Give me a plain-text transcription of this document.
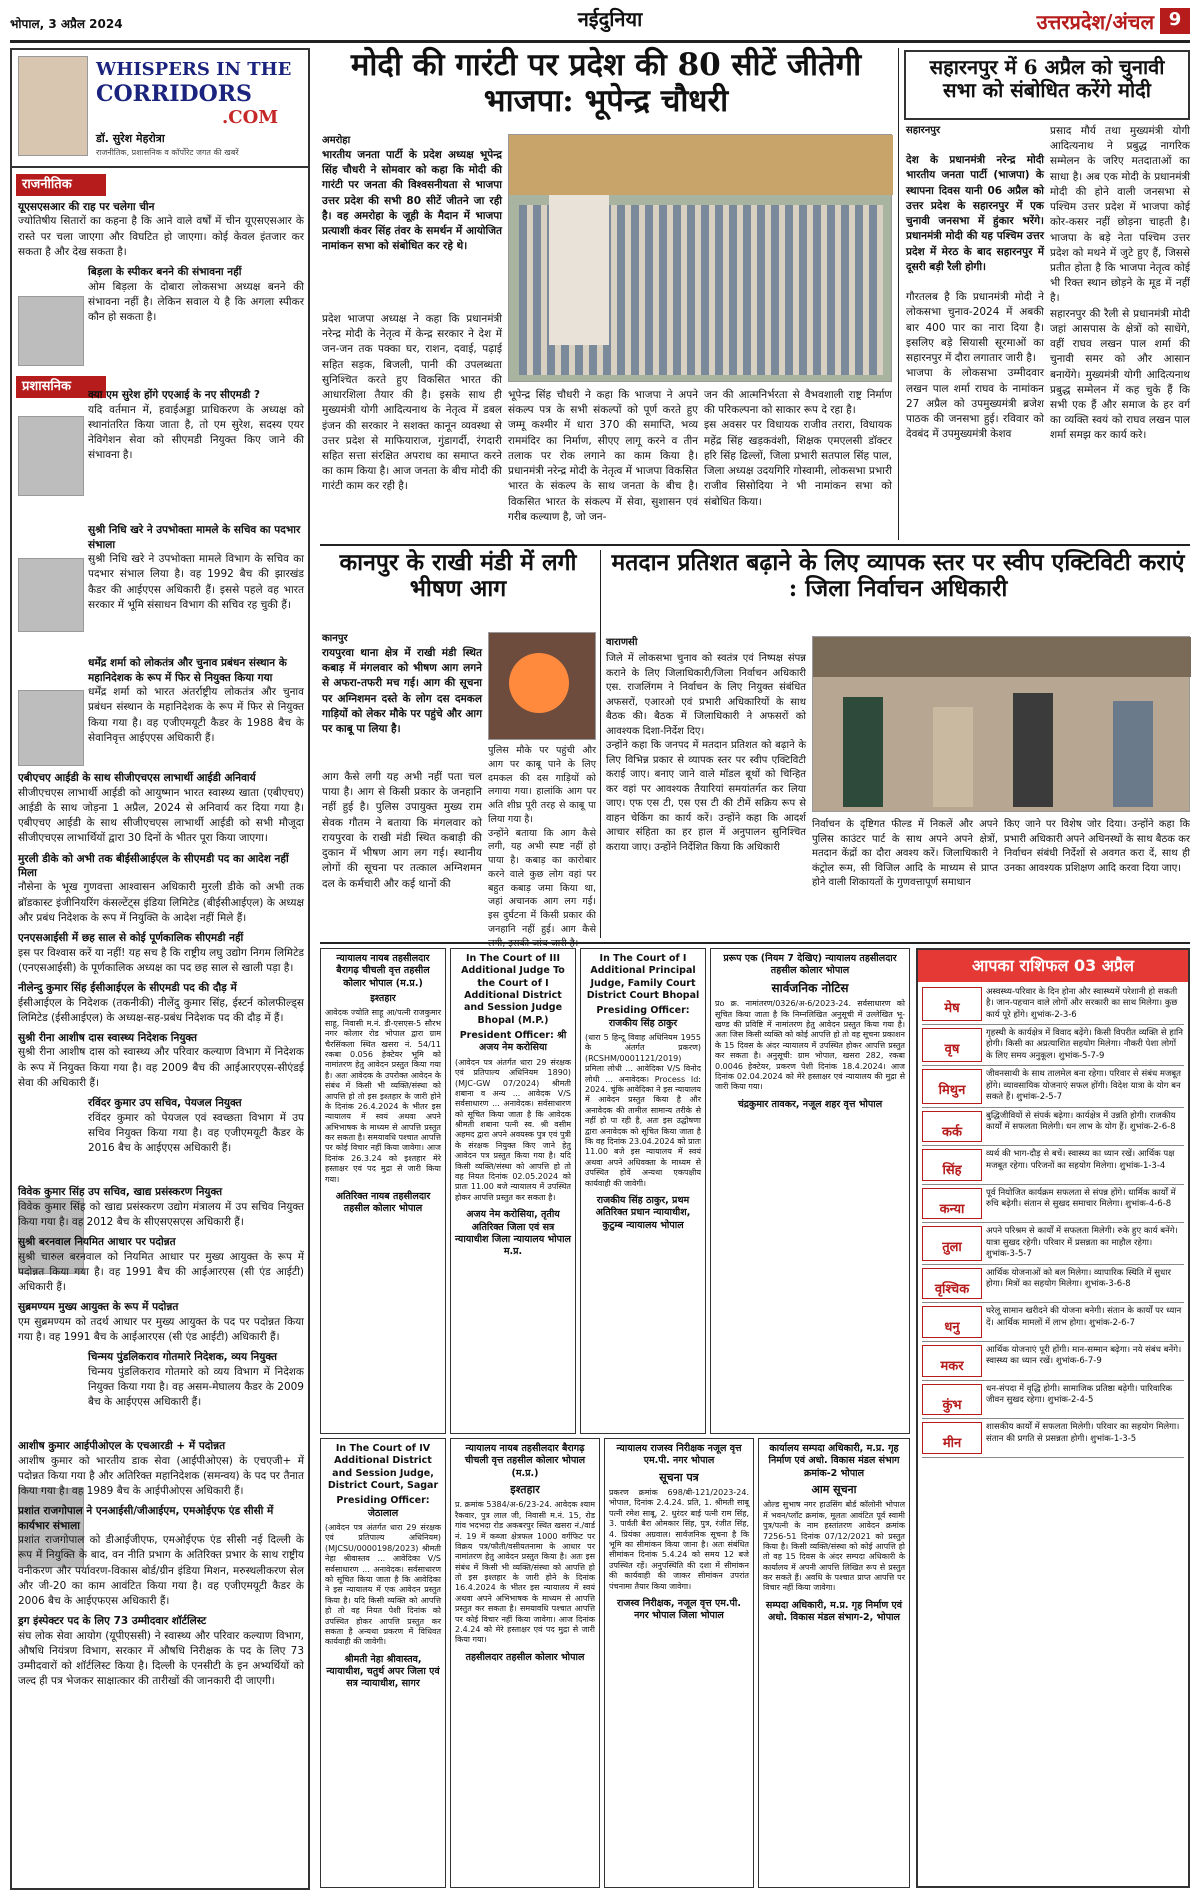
भोपाल, 3 अप्रैल 2024	नईदुनिया	उत्तरप्रदेश/अंचल 9
WHISPERS IN THE
CORRIDORS
.COM
डॉ. सुरेश मेहरोत्रा
राजनीतिक, प्रशासनिक व कॉर्पोरेट जगत की खबरें
राजनीतिक
प्रशासनिक
यूएसएसआर की राह पर चलेगा चीन
ज्योतिषीय सितारों का कहना है कि आने वाले वर्षों में चीन यूएसएसआर के रास्ते पर चला जाएगा और विघटित हो जाएगा। कोई केवल इंतजार कर सकता है और देख सकता है।
बिड़ला के स्पीकर बनने की संभावना नहीं
ओम बिड़ला के दोबारा लोकसभा अध्यक्ष बनने की संभावना नहीं है। लेकिन सवाल ये है कि अगला स्पीकर कौन हो सकता है।
क्या एम सुरेश होंगे एएआई के नए सीएमडी ?
यदि वर्तमान में, हवाईअड्डा प्राधिकरण के अध्यक्ष को स्थानांतरित किया जाता है, तो एम सुरेश, सदस्य एयर नेविगेशन सेवा को सीएमडी नियुक्त किए जाने की संभावना है।
सुश्री निधि खरे ने उपभोक्ता मामले के सचिव का पदभार संभाला
सुश्री निधि खरे ने उपभोक्ता मामले विभाग के सचिव का पदभार संभाल लिया है। वह 1992 बैच की झारखंड कैडर की आईएएस अधिकारी हैं। इससे पहले वह भारत सरकार में भूमि संसाधन विभाग की सचिव रह चुकी हैं।
धर्मेंद्र शर्मा को लोकतंत्र और चुनाव प्रबंधन संस्थान के महानिदेशक के रूप में फिर से नियुक्त किया गया
धर्मेंद्र शर्मा को भारत अंतर्राष्ट्रीय लोकतंत्र और चुनाव प्रबंधन संस्थान के महानिदेशक के रूप में फिर से नियुक्त किया गया है। वह एजीएमयूटी कैडर के 1988 बैच के सेवानिवृत्त आईएएस अधिकारी हैं।
एबीएचए आईडी के साथ सीजीएचएस लाभार्थी आईडी अनिवार्य
सीजीएचएस लाभार्थी आईडी को आयुष्मान भारत स्वास्थ्य खाता (एबीएचए) आईडी के साथ जोड़ना 1 अप्रैल, 2024 से अनिवार्य कर दिया गया है। एबीएचए आईडी के साथ सीजीएचएस लाभार्थी आईडी को सभी मौजूदा सीजीएचएस लाभार्थियों द्वारा 30 दिनों के भीतर पूरा किया जाएगा।
मुरली डीके को अभी तक बीईसीआईएल के सीएमडी पद का आदेश नहीं मिला
नौसेना के भूख गुणवत्ता आश्वासन अधिकारी मुरली डीके को अभी तक ब्रॉडकास्ट इंजीनियरिंग कंसल्टेंट्स इंडिया लिमिटेड (बीईसीआईएल) के अध्यक्ष और प्रबंध निदेशक के रूप में नियुक्ति के आदेश नहीं मिले हैं।
एनएसआईसी में छह साल से कोई पूर्णकालिक सीएमडी नहीं
इस पर विश्वास करें या नहीं! यह सच है कि राष्ट्रीय लघु उद्योग निगम लिमिटेड (एनएसआईसी) के पूर्णकालिक अध्यक्ष का पद छह साल से खाली पड़ा है।
नीलेन्दु कुमार सिंह ईसीआईएल के सीएमडी पद की दौड़ में
ईसीआईएल के निदेशक (तकनीकी) नीलेंदु कुमार सिंह, ईस्टर्न कोलफील्ड्स लिमिटेड (ईसीआईएल) के अध्यक्ष-सह-प्रबंध निदेशक पद की दौड़ में हैं।
सुश्री रीना आशीष दास स्वास्थ्य निदेशक नियुक्त
सुश्री रीना आशीष दास को स्वास्थ्य और परिवार कल्याण विभाग में निदेशक के रूप में नियुक्त किया गया है। वह 2009 बैच की आईआरएएस-सीएंडई सेवा की अधिकारी हैं।
रविंदर कुमार उप सचिव, पेयजल नियुक्त
रविंदर कुमार को पेयजल एवं स्वच्छता विभाग में उप सचिव नियुक्त किया गया है। वह एजीएमयूटी कैडर के 2016 बैच के आईएएस अधिकारी हैं।
विवेक कुमार सिंह उप सचिव, खाद्य प्रसंस्करण नियुक्त
विवेक कुमार सिंह को खाद्य प्रसंस्करण उद्योग मंत्रालय में उप सचिव नियुक्त किया गया है। वह 2012 बैच के सीएसएसएस अधिकारी हैं।
सुश्री बरनवाल नियमित आधार पर पदोन्नत
सुश्री चारुल बरनवाल को नियमित आधार पर मुख्य आयुक्त के रूप में पदोन्नत किया गया है। वह 1991 बैच की आईआरएस (सी एंड आईटी) अधिकारी हैं।
सुब्रमण्यम मुख्य आयुक्त के रूप में पदोन्नत
एम सुब्रमण्यम को तदर्थ आधार पर मुख्य आयुक्त के पद पर पदोन्नत किया गया है। वह 1991 बैच के आईआरएस (सी एंड आईटी) अधिकारी हैं।
चिन्मय पुंडलिकराव गोतमारे निदेशक, व्यय नियुक्त
चिन्मय पुंडलिकराव गोतमारे को व्यय विभाग में निदेशक नियुक्त किया गया है। वह असम-मेघालय कैडर के 2009 बैच के आईएएस अधिकारी हैं।
आशीष कुमार आईपीओएल के एचआरडी + में पदोन्नत
आशीष कुमार को भारतीय डाक सेवा (आईपीओएस) के एचएजी+ में पदोन्नत किया गया है और अतिरिक्त महानिदेशक (समन्वय) के पद पर तैनात किया गया है। वह 1989 बैच के आईपीओएस अधिकारी हैं।
प्रशांत राजगोपाल ने एनआईसी/जीआईएम, एमओईएफ एंड सीसी में कार्यभार संभाला
प्रशांत राजगोपाल को डीआईजीएफ, एमओईएफ एंड सीसी नई दिल्ली के रूप में नियुक्ति के बाद, वन नीति प्रभाग के अतिरिक्त प्रभार के साथ राष्ट्रीय वनीकरण और पर्यावरण-विकास बोर्ड/ग्रीन इंडिया मिशन, मरुस्थलीकरण सेल और जी-20 का काम आवंटित किया गया है। वह एजीएमयूटी कैडर के 2006 बैच के आईएफएस अधिकारी हैं।
ड्रग इंस्पेक्टर पद के लिए 73 उम्मीदवार शॉर्टलिस्ट
संघ लोक सेवा आयोग (यूपीएससी) ने स्वास्थ्य और परिवार कल्याण विभाग, औषधि नियंत्रण विभाग, सरकार में औषधि निरीक्षक के पद के लिए 73 उम्मीदवारों को शॉर्टलिस्ट किया है। दिल्ली के एनसीटी के इन अभ्यर्थियों को जल्द ही पत्र भेजकर साक्षात्कार की तारीखों की जानकारी दी जाएगी।
मोदी की गारंटी पर प्रदेश की 80 सीटें जीतेगी भाजपा: भूपेन्द्र चौधरी
अमरोहा
भारतीय जनता पार्टी के प्रदेश अध्यक्ष भूपेन्द्र सिंह चौधरी ने सोमवार को कहा कि मोदी की गारंटी पर जनता की विश्वसनीयता से भाजपा उत्तर प्रदेश की सभी 80 सीटें जीतने जा रही है। वह अमरोहा के जूही के मैदान में भाजपा प्रत्याशी कंवर सिंह तंवर के समर्थन में आयोजित नामांकन सभा को संबोधित कर रहे थे।
प्रदेश भाजपा अध्यक्ष ने कहा कि प्रधानमंत्री नरेन्द्र मोदी के नेतृत्व में केन्द्र सरकार ने देश में जन-जन तक पक्का घर, राशन, दवाई, पढ़ाई सहित सड़क, बिजली, पानी की उपलब्धता सुनिश्चित करते हुए विकसित भारत की आधारशिला तैयार की है। इसके साथ ही मुख्यमंत्री योगी आदित्यनाथ के नेतृत्व में डबल इंजन की सरकार ने सशक्त कानून व्यवस्था से उत्तर प्रदेश से माफियाराज, गुंडागर्दी, रंगदारी सहित सत्ता संरक्षित अपराध का समाप्त करने का काम किया है। आज जनता के बीच मोदी की गारंटी काम कर रही है।
भूपेन्द्र सिंह चौधरी ने कहा कि भाजपा ने अपने संकल्प पत्र के सभी संकल्पों को पूर्ण करते हुए जम्मू कश्मीर में धारा 370 की समाप्ति, भव्य राममंदिर का निर्माण, सीएए लागू करने व तीन तलाक पर रोक लगाने का काम किया है। प्रधानमंत्री नरेन्द्र मोदी के नेतृत्व में भाजपा विकसित भारत के संकल्प के साथ जनता के बीच है। विकसित भारत के संकल्प में सेवा, सुशासन एवं गरीब कल्याण है, जो जन-
जन की आत्मनिर्भरता से वैभवशाली राष्ट्र निर्माण की परिकल्पना को साकार रूप दे रहा है।
इस अवसर पर विधायक राजीव तरारा, विधायक महेंद्र सिंह खड़कवंशी, शिक्षक एमएलसी डॉक्टर हरि सिंह ढिल्लों, जिला प्रभारी सतपाल सिंह पाल, जिला अध्यक्ष उदयगिरि गोस्वामी, लोकसभा प्रभारी राजीव सिसोदिया ने भी नामांकन सभा को संबोधित किया।
सहारनपुर में 6 अप्रैल को चुनावी सभा को संबोधित करेंगे मोदी
सहारनपुर

देश के प्रधानमंत्री नरेन्द्र मोदी भारतीय जनता पार्टी (भाजपा) के स्थापना दिवस यानी 06 अप्रैल को उत्तर प्रदेश के सहारनपुर में एक चुनावी जनसभा में हुंकार भरेंगे। प्रधानमंत्री मोदी की यह पश्चिम उत्तर प्रदेश में मेरठ के बाद सहारनपुर में दूसरी बड़ी रैली होगी।

गौरतलब है कि प्रधानमंत्री मोदी ने लोकसभा चुनाव-2024 में अबकी बार 400 पार का नारा दिया है। इसलिए बड़े सियासी सूरमाओं का सहारनपुर में दौरा लगातार जारी है।
भाजपा के लोकसभा उम्मीदवार लखन पाल शर्मा राघव के नामांकन 27 अप्रैल को उपमुख्यमंत्री ब्रजेश पाठक की जनसभा हुई। रविवार को देवबंद में उपमुख्यमंत्री केशव

प्रसाद मौर्य तथा मुख्यमंत्री योगी आदित्यनाथ ने प्रबुद्ध नागरिक सम्मेलन के जरिए मतदाताओं का साधा है। अब एक मोदी के प्रधानमंत्री मोदी की होने वाली जनसभा से पश्चिम उत्तर प्रदेश में भाजपा कोई कोर-कसर नहीं छोड़ना चाहती है। भाजपा के बड़े नेता पश्चिम उत्तर प्रदेश को मथने में जुटे हुए हैं, जिससे प्रतीत होता है कि भाजपा नेतृत्व कोई भी रिक्त स्थान छोड़ने के मूड में नहीं है।
सहारनपुर की रैली से प्रधानमंत्री मोदी जहां आसपास के क्षेत्रों को साधेंगे, वहीं राघव लखन पाल शर्मा की चुनावी समर को और आसान बनायेंगे। मुख्यमंत्री योगी आदित्यनाथ प्रबुद्ध सम्मेलन में कह चुके हैं कि सभी एक हैं और समाज के हर वर्ग का व्यक्ति स्वयं को राघव लखन पाल शर्मा समझ कर कार्य करे।
कानपुर के राखी मंडी में लगी भीषण आग
कानपुर
रायपुरवा थाना क्षेत्र में राखी मंडी स्थित कबाड़ में मंगलवार को भीषण आग लगने से अफरा-तफरी मच गई। आग की सूचना पर अग्निशमन दस्ते के लोग दस दमकल गाड़ियों को लेकर मौके पर पहुंचे और आग पर काबू पा लिया है।
आग कैसे लगी यह अभी नहीं पता चल पाया है। आग से किसी प्रकार के जनहानि नहीं हुई है। पुलिस उपायुक्त मुख्य राम सेवक गौतम ने बताया कि मंगलवार को रायपुरवा के राखी मंडी स्थित कबाड़ी की दुकान में भीषण आग लग गई। स्थानीय लोगों की सूचना पर तत्काल अग्निशमन दल के कर्मचारी और कई थानों की
पुलिस मौके पर पहुंची और आग पर काबू पाने के लिए दमकल की दस गाड़ियों को लगाया गया। हालांकि आग पर अति शीघ्र पूरी तरह से काबू पा लिया गया है।
उन्होंने बताया कि आग कैसे लगी, यह अभी स्पष्ट नहीं हो पाया है। कबाड़ का कारोबार करने वाले कुछ लोग वहां पर बहुत कबाड़ जमा किया था, जहां अचानक आग लग गई। इस दुर्घटना में किसी प्रकार की जनहानि नहीं हुई। आग कैसे
मतदान प्रतिशत बढ़ाने के लिए व्यापक स्तर पर स्वीप एक्टिविटी कराएं : जिला निर्वाचन अधिकारी
वाराणसी
जिले में लोकसभा चुनाव को स्वतंत्र एवं निष्पक्ष संपन्न कराने के लिए जिलाधिकारी/जिला निर्वाचन अधिकारी एस. राजलिंगम ने निर्वाचन के लिए नियुक्त संबंधित अफसरों, एआरओ एवं प्रभारी अधिकारियों के साथ बैठक की। बैठक में जिलाधिकारी ने अफसरों को आवश्यक दिशा-निर्देश दिए।
उन्होंने कहा कि जनपद में मतदान प्रतिशत को बढ़ाने के लिए विभिन्न प्रकार से व्यापक स्तर पर स्वीप एक्टिविटी कराई जाए। बनाए जाने वाले मॉडल बूथों को चिन्हित कर वहां पर आवश्यक तैयारियां समयांतर्गत कर लिया जाए। एफ एस टी, एस एस टी की टीमें सक्रिय रूप से वाहन चेकिंग का कार्य करें। उन्होंने कहा कि आदर्श आचार संहिता का हर हाल में अनुपालन सुनिश्चित कराया जाए। उन्होंने निर्देशित किया कि अधिकारी
निर्वाचन के दृष्टिगत फील्ड में निकलें और अपने पुलिस काउंटर पार्ट के साथ अपने अपने क्षेत्रों, मतदान केंद्रों का दौरा अवश्य करें। जिलाधिकारी ने कंट्रोल रूम, सी विजिल आदि के माध्यम से प्राप्त होने वाली शिकायतों के गुणवत्तापूर्ण समाधान
किए जाने पर विशेष जोर दिया। उन्होंने कहा कि प्रभारी अधिकारी अपने अधिनस्थों के साथ बैठक कर निर्वाचन संबंधी निर्देशों से अवगत करा दें, साथ ही उनका आवश्यक प्रशिक्षण आदि करवा दिया जाए।
न्यायालय नायब तहसीलदार बैरागढ़ चीचली वृत्त तहसील कोलार भोपाल (म.प्र.)
इश्तहार
आवेदक ज्योति साहू आ/पत्नी राजकुमार साहू, निवासी म.नं. डी-एसएस-5 सौरभ नगर कोलार रोड भोपाल द्वारा ग्राम चैरसिंकला स्थित खसरा नं. 54/11 रकबा 0.056 हेक्टेयर भूमि को नामांतरण हेतु आवेदन प्रस्तुत किया गया है। अतः आवेदक के उपरोक्त आवेदन के संबंध में किसी भी व्यक्ति/संस्था को आपत्ति हो तो इस इश्तहार के जारी होने के दिनांक 26.4.2024 के भीतर इस न्यायालय में स्वयं अथवा अपने अभिभाषक के माध्यम से आपत्ति प्रस्तुत कर सकता है। समयावधि पश्चात आपत्ति पर कोई विचार नहीं किया जावेगा। आज दिनांक 26.3.24 को इश्तहार मेरे हस्ताक्षर एवं पद मुद्रा से जारी किया गया।
अतिरिक्त नायब तहसीलदार तहसील कोलार भोपाल
In The Court of III Additional Judge To the Court of I Additional District and Session Judge Bhopal (M.P.)
President Officer: श्री अजय नेम करोसिया
(आवेदन पत्र अंतर्गत धारा 29 संरक्षक एवं प्रतिपाल्य अधिनियम 1890) (MJC-GW 07/2024) श्रीमती शबाना व अन्य ... आवेदक V/S सर्वसाधारण ... अनावेदक। सर्वसाधारण को सूचित किया जाता है कि आवेदक श्रीमती शबाना पत्नी स्व. श्री वसीम अहमद द्वारा अपने अवयस्क पुत्र एवं पुत्री के संरक्षक नियुक्त किए जाने हेतु आवेदन पत्र प्रस्तुत किया गया है। यदि किसी व्यक्ति/संस्था को आपत्ति हो तो वह नियत दिनांक 02.05.2024 को प्रातः 11.00 बजे न्यायालय में उपस्थित होकर आपत्ति प्रस्तुत कर सकता है।
अजय नेम करोसिया, तृतीय अतिरिक्त जिला एवं सत्र न्यायाधीश जिला न्यायालय भोपाल म.प्र.
In The Court of I Additional Principal Judge, Family Court District Court Bhopal
Presiding Officer: राजकीय सिंह ठाकुर
(धारा 5 हिन्दू विवाह अधिनियम 1955 के अंतर्गत प्रकरण) (RCSHM/0001121/2019) प्रमिला लोधी ... आवेदिका V/S विनोद लोधी ... अनावेदक। Process Id: 2024. चूंकि आवेदिका ने इस न्यायालय में आवेदन प्रस्तुत किया है और अनावेदक की तामील सामान्य तरीके से नहीं हो पा रही है, अतः इस उद्घोषणा द्वारा अनावेदक को सूचित किया जाता है कि वह दिनांक 23.04.2024 को प्रातः 11.00 बजे इस न्यायालय में स्वयं अथवा अपने अधिवक्ता के माध्यम से उपस्थित होवें अन्यथा एकपक्षीय कार्यवाही की जावेगी।
राजकीय सिंह ठाकुर, प्रथम अतिरिक्त प्रधान न्यायाधीश, कुटुम्ब न्यायालय भोपाल
प्ररूप एक (नियम 7 देखिए) न्यायालय तहसीलदार तहसील कोलार भोपाल
सार्वजनिक नोटिस
प्रo क्र. नामांतरण/0326/अ-6/2023-24. सर्वसाधारण को सूचित किया जाता है कि निम्नलिखित अनुसूची में उल्लेखित भू-खण्ड की प्रविष्टि में नामांतरण हेतु आवेदन प्रस्तुत किया गया है। अतः जिस किसी व्यक्ति को कोई आपत्ति हो तो वह सूचना प्रकाशन के 15 दिवस के अंदर न्यायालय में उपस्थित होकर आपत्ति प्रस्तुत कर सकता है। अनुसूची: ग्राम भोपाल, खसरा 282, रकबा 0.0046 हेक्टेयर, प्रकरण पेशी दिनांक 18.4.2024। आज दिनांक 02.04.2024 को मेरे हस्ताक्षर एवं न्यायालय की मुद्रा से जारी किया गया।
चंद्रकुमार तावकर, नजूल शहर वृत्त भोपाल
In The Court of IV Additional District and Session Judge, District Court, Sagar
Presiding Officer: जेठालाल
(आवेदन पत्र अंतर्गत धारा 29 संरक्षक एवं प्रतिपाल्य अधिनियम) (MJCSU/0000198/2023) श्रीमती नेहा श्रीवास्तव ... आवेदिका V/S सर्वसाधारण ... अनावेदक। सर्वसाधारण को सूचित किया जाता है कि आवेदिका ने इस न्यायालय में एक आवेदन प्रस्तुत किया है। यदि किसी व्यक्ति को आपत्ति हो तो वह नियत पेशी दिनांक को उपस्थित होकर आपत्ति प्रस्तुत कर सकता है अन्यथा प्रकरण में विधिवत कार्यवाही की जावेगी।
श्रीमती नेहा श्रीवास्तव, न्यायाधीश, चतुर्थ अपर जिला एवं सत्र न्यायाधीश, सागर
न्यायालय नायब तहसीलदार बैरागढ़ चीचली वृत्त तहसील कोलार भोपाल (म.प्र.)
इश्तहार
प्र. क्रमांक 5384/अ-6/23-24. आवेदक श्याम रैकवार, पुत्र लाल जी, निवासी म.नं. 15, रोड गांव भदभदा रोड अकबरपुर स्थित खसरा नं./वार्ड नं. 19 में कब्जा क्षेत्रफल 1000 वर्गफिट पर विक्रय पत्र/फौती/वसीयतनामा के आधार पर नामांतरण हेतु आवेदन प्रस्तुत किया है। अतः इस संबंध में किसी भी व्यक्ति/संस्था को आपत्ति हो तो इस इश्तहार के जारी होने के दिनांक 16.4.2024 के भीतर इस न्यायालय में स्वयं अथवा अपने अभिभाषक के माध्यम से आपत्ति प्रस्तुत कर सकता है। समयावधि पश्चात आपत्ति पर कोई विचार नहीं किया जावेगा। आज दिनांक 2.4.24 को मेरे हस्ताक्षर एवं पद मुद्रा से जारी किया गया।
तहसीलदार तहसील कोलार भोपाल
न्यायालय राजस्व निरीक्षक नजूल वृत्त एम.पी. नगर भोपाल
सूचना पत्र
प्रकरण क्रमांक 698/बी-121/2023-24. भोपाल, दिनांक 2.4.24. प्रति, 1. श्रीमती साबू पत्नी रमेश साबू, 2. धुरंदर बाई पत्नी राम सिंह, 3. पार्वती बैरा ओमकार सिंह, पुत्र, रंजीत सिंह, 4. प्रियंका अग्रवाल। सार्वजनिक सूचना है कि भूमि का सीमांकन किया जाना है। अतः संबंधित सीमांकन दिनांक 5.4.24 को समय 12 बजे उपस्थित रहें। अनुपस्थिति की दशा में सीमांकन की कार्यवाही की जाकर सीमांकन उपरांत पंचनामा तैयार किया जावेगा।
राजस्व निरीक्षक, नजूल वृत्त एम.पी. नगर भोपाल जिला भोपाल
कार्यालय सम्पदा अधिकारी, म.प्र. गृह निर्माण एवं अधो. विकास मंडल संभाग क्रमांक-2 भोपाल
आम सूचना
ओल्ड सुभाष नगर हाउसिंग बोर्ड कॉलोनी भोपाल में भवन/प्लॉट क्रमांक, मूलतः आवंटित पूर्व स्वामी पुत्र/पत्नी के नाम हस्तांतरण आवेदन क्रमांक 7256-51 दिनांक 07/12/2021 को प्रस्तुत किया है। किसी व्यक्ति/संस्था को कोई आपत्ति हो तो वह 15 दिवस के अंदर सम्पदा अधिकारी के कार्यालय में अपनी आपत्ति लिखित रूप से प्रस्तुत कर सकते हैं। अवधि के पश्चात प्राप्त आपत्ति पर विचार नहीं किया जावेगा।
सम्पदा अधिकारी, म.प्र. गृह निर्माण एवं अधो. विकास मंडल संभाग-2, भोपाल
आपका राशिफल 03 अप्रैल
मेष
अस्वस्थ्य-परिवार के दिन होना और स्वास्थ्यमें परेशानी हो सकती है। जान-पहचान वाले लोगों और सरकारी का साथ मिलेगा। कुछ कार्य पूरे होंगे। शुभांक-2-3-6
वृष
गृहस्थी के कार्यक्षेत्र में विवाद बढ़ेंगे। किसी विपरीत व्यक्ति से हानि होगी। किसी का अप्रत्याशित सहयोग मिलेगा। नौकरी पेशा लोगों के लिए समय अनुकूल। शुभांक-5-7-9
मिथुन
जीवनसाथी के साथ तालमेल बना रहेगा। परिवार से संबंध मजबूत होंगे। व्यावसायिक योजनाएं सफल होंगी। विदेश यात्रा के योग बन सकते हैं। शुभांक-2-5-7
कर्क
बुद्धिजीवियों से संपर्क बढ़ेगा। कार्यक्षेत्र में उन्नति होगी। राजकीय कार्यों में सफलता मिलेगी। धन लाभ के योग हैं। शुभांक-2-6-8
सिंह
व्यर्थ की भाग-दौड़ से बचें। स्वास्थ्य का ध्यान रखें। आर्थिक पक्ष मजबूत रहेगा। परिजनों का सहयोग मिलेगा। शुभांक-1-3-4
कन्या
पूर्व नियोजित कार्यक्रम सफलता से संपन्न होंगे। धार्मिक कार्यों में रुचि बढ़ेगी। संतान से सुखद समाचार मिलेगा। शुभांक-4-6-8
तुला
अपने परिश्रम से कार्यों में सफलता मिलेगी। रुके हुए कार्य बनेंगे। यात्रा सुखद रहेगी। परिवार में प्रसन्नता का माहौल रहेगा। शुभांक-3-5-7
वृश्चिक
आर्थिक योजनाओं को बल मिलेगा। व्यापारिक स्थिति में सुधार होगा। मित्रों का सहयोग मिलेगा। शुभांक-3-6-8
धनु
घरेलू सामान खरीदने की योजना बनेगी। संतान के कार्यों पर ध्यान दें। आर्थिक मामलों में लाभ होगा। शुभांक-2-6-7
मकर
आर्थिक योजनाएं पूरी होंगी। मान-सम्मान बढ़ेगा। नये संबंध बनेंगे। स्वास्थ्य का ध्यान रखें। शुभांक-6-7-9
कुंभ
धन-संपदा में वृद्धि होगी। सामाजिक प्रतिष्ठा बढ़ेगी। पारिवारिक जीवन सुखद रहेगा। शुभांक-2-4-5
मीन
शासकीय कार्यों में सफलता मिलेगी। परिवार का सहयोग मिलेगा। संतान की प्रगति से प्रसन्नता होगी। शुभांक-1-3-5
